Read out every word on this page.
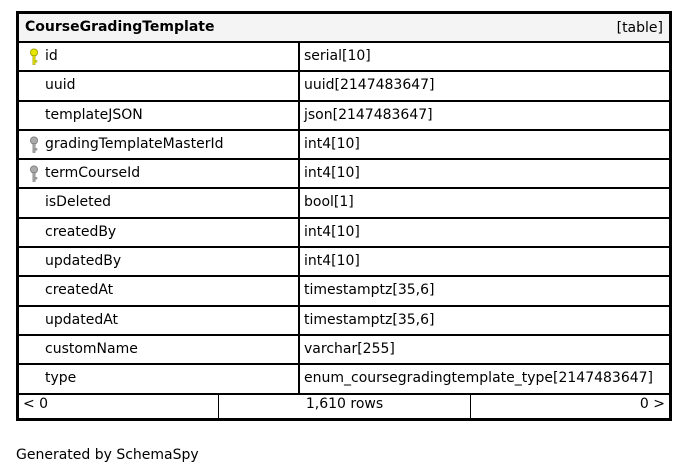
CourseGradingTemplate	[table]
id	serial[10]
uuid	uuid[2147483647]
templateJSON	json[2147483647]
gradingTemplateMasterId	int4[10]
termCourseId	int4[10]
isDeleted	bool[1]
createdBy	int4[10]
updatedBy	int4[10]
createdAt	timestamptz[35,6]
updatedAt	timestamptz[35,6]
customName	varchar[255]
type	enum_coursegradingtemplate_type[2147483647]
< 0	1,610 rows	0 >
Generated by SchemaSpy
